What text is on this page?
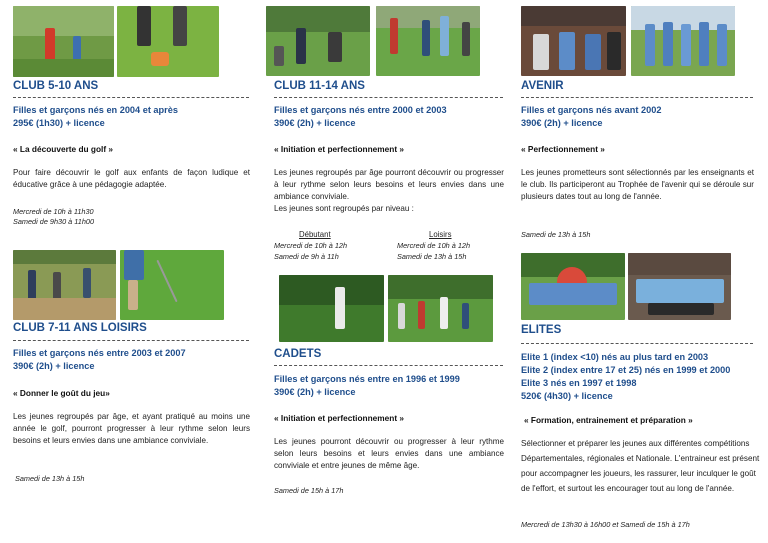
CLUB 5-10 ANS
Filles et garçons nés en 2004 et après
295€ (1h30) + licence
« La découverte du golf »
Pour faire découvrir le golf aux enfants de façon ludique et éducative grâce à une pédagogie adaptée.
Mercredi de 10h à 11h30
Samedi de 9h30 à 11h00
CLUB 7-11 ANS LOISIRS
Filles et garçons nés entre 2003 et 2007
390€ (2h) + licence
« Donner le goût du jeu»
Les jeunes regroupés par âge, et ayant pratiqué au moins une année le golf, pourront progresser à leur rythme selon leurs besoins et leurs envies dans une ambiance conviviale.
Samedi de 13h à 15h
CLUB 11-14 ANS
Filles et garçons nés entre 2000 et 2003
390€ (2h) + licence
« Initiation et perfectionnement »
Les jeunes regroupés par âge pourront découvrir ou progresser à leur rythme selon leurs besoins et leurs envies dans une ambiance conviviale.
Les jeunes sont regroupés par niveau :
Débutant
Mercredi de 10h à 12h
Samedi de 9h à 11h
Loisirs
Mercredi de 10h à 12h
Samedi de 13h à 15h
CADETS
Filles et garçons nés entre en 1996 et 1999
390€ (2h) + licence
« Initiation et perfectionnement »
Les jeunes pourront découvrir ou progresser à leur rythme selon leurs besoins et leurs envies dans une ambiance conviviale et entre jeunes de même âge.
Samedi de 15h à 17h
AVENIR
Filles et garçons nés avant 2002
390€ (2h) + licence
« Perfectionnement »
Les jeunes prometteurs sont sélectionnés par les enseignants et le club. Ils participeront au Trophée de l'avenir qui se déroule sur plusieurs dates tout au long de l'année.
Samedi de 13h à 15h
ELITES
Elite 1 (index <10) nés au plus tard en 2003
Elite 2 (index entre 17 et 25) nés en 1999 et 2000
Elite 3 nés en 1997 et 1998
520€ (4h30) + licence
« Formation, entrainement et préparation »
Sélectionner et préparer les jeunes aux différentes compétitions Départementales, régionales et Nationale. L'entraineur est présent pour accompagner les joueurs, les rassurer, leur inculquer le goût de l'effort, et surtout les encourager tout au long de l'année.
Mercredi de 13h30 à 16h00 et Samedi de 15h à 17h
